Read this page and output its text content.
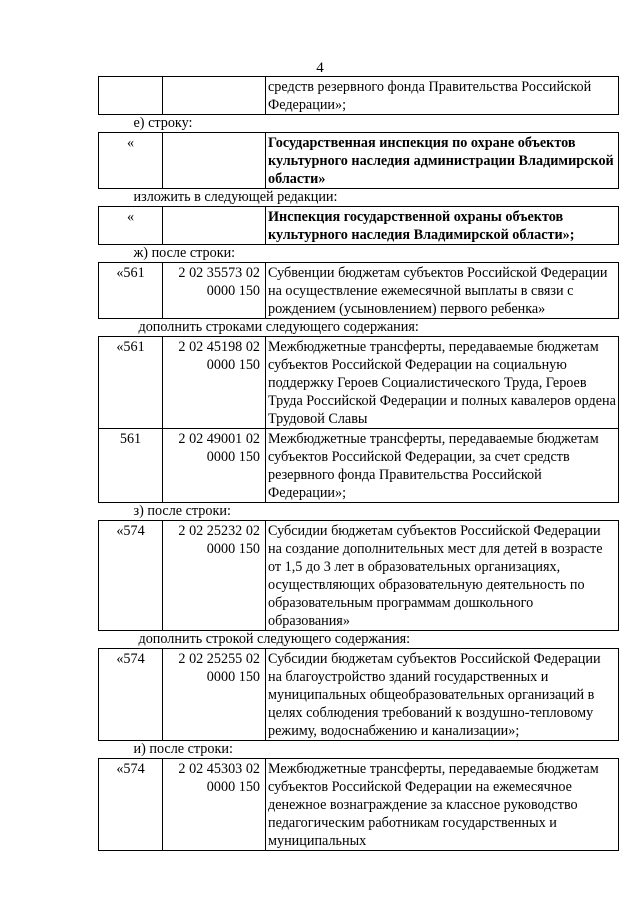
4
		средств резервного фонда Правительства Российской Федерации»;
е) строку:		
«		Государственная инспекция по охране объектов культурного наследия администрации Владимирской области»
изложить в следующей редакции:		
«		Инспекция государственной охраны объектов культурного наследия Владимирской области»;
ж) после строки:		
«561	2 02 35573 02 0000 150	Субвенции бюджетам субъектов Российской Федерации на осуществление ежемесячной выплаты в связи с рождением (усыновлением) первого ребенка»
дополнить строками следующего содержания:		
«561	2 02 45198 02 0000 150	Межбюджетные трансферты, передаваемые бюджетам субъектов Российской Федерации на социальную поддержку Героев Социалистического Труда, Героев Труда Российской Федерации и полных кавалеров ордена Трудовой Славы
561	2 02 49001 02 0000 150	Межбюджетные трансферты, передаваемые бюджетам субъектов Российской Федерации, за счет средств резервного фонда Правительства Российской Федерации»;
з) после строки:		
«574	2 02 25232 02 0000 150	Субсидии бюджетам субъектов Российской Федерации на создание дополнительных мест для детей в возрасте от 1,5 до 3 лет в образовательных организациях, осуществляющих образовательную деятельность по образовательным программам дошкольного образования»
дополнить строкой следующего содержания:		
«574	2 02 25255 02 0000 150	Субсидии бюджетам субъектов Российской Федерации на благоустройство зданий государственных и муниципальных общеобразовательных организаций в целях соблюдения требований к воздушно-тепловому режиму, водоснабжению и канализации»;
и) после строки:		
«574	2 02 45303 02 0000 150	Межбюджетные трансферты, передаваемые бюджетам субъектов Российской Федерации на ежемесячное денежное вознаграждение за классное руководство педагогическим работникам государственных и муниципальных
